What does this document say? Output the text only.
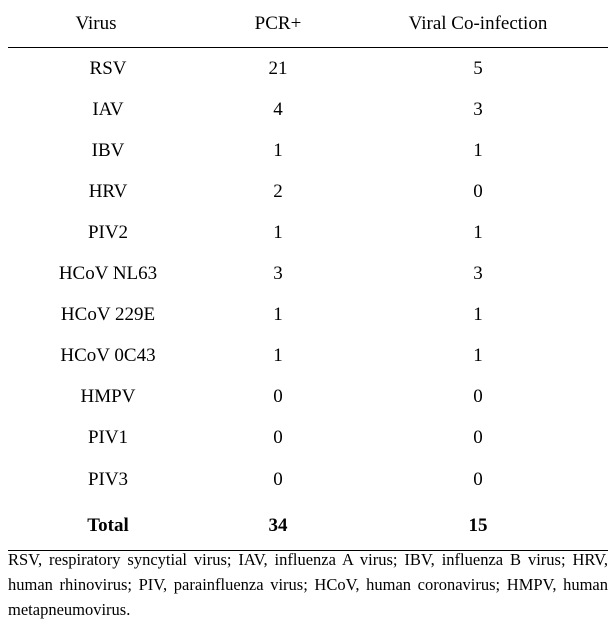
Virus	PCR+	Viral Co-infection
RSV	21	5
IAV	4	3
IBV	1	1
HRV	2	0
PIV2	1	1
HCoV NL63	3	3
HCoV 229E	1	1
HCoV 0C43	1	1
HMPV	0	0
PIV1	0	0
PIV3	0	0
Total	34	15
RSV, respiratory syncytial virus; IAV, influenza A virus; IBV, influenza B virus; HRV, human rhinovirus; PIV, parainfluenza virus; HCoV, human coronavirus; HMPV, human metapneumovirus.
